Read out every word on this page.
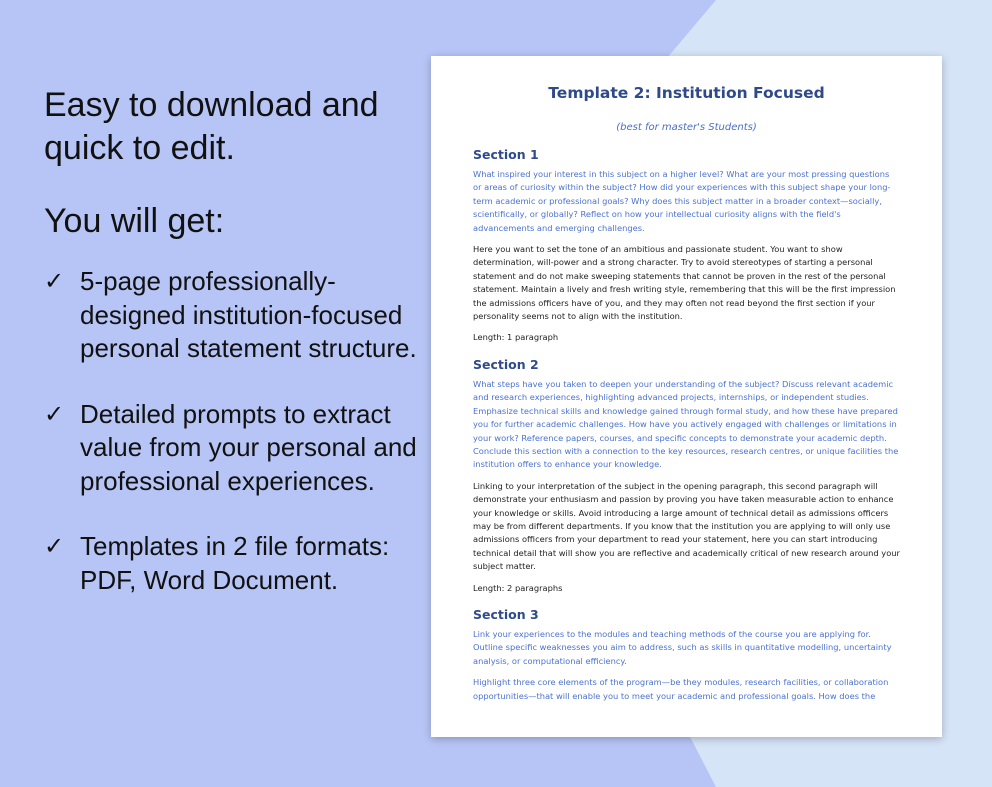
Easy to download and quick to edit.
You will get:
✓ 5-page professionally-designed institution-focused personal statement structure.
✓ Detailed prompts to extract value from your personal and professional experiences.
✓ Templates in 2 file formats: PDF, Word Document.
Template 2: Institution Focused

(best for master's Students)

Section 1

What inspired your interest in this subject on a higher level? What are your most pressing questions or areas of curiosity within the subject? How did your experiences with this subject shape your long-term academic or professional goals? Why does this subject matter in a broader context—socially, scientifically, or globally? Reflect on how your intellectual curiosity aligns with the field's advancements and emerging challenges.

Here you want to set the tone of an ambitious and passionate student. You want to show determination, will-power and a strong character. Try to avoid stereotypes of starting a personal statement and do not make sweeping statements that cannot be proven in the rest of the personal statement. Maintain a lively and fresh writing style, remembering that this will be the first impression the admissions officers have of you, and they may often not read beyond the first section if your personality seems not to align with the institution.

Length: 1 paragraph

Section 2

What steps have you taken to deepen your understanding of the subject? Discuss relevant academic and research experiences, highlighting advanced projects, internships, or independent studies. Emphasize technical skills and knowledge gained through formal study, and how these have prepared you for further academic challenges. How have you actively engaged with challenges or limitations in your work? Reference papers, courses, and specific concepts to demonstrate your academic depth. Conclude this section with a connection to the key resources, research centres, or unique facilities the institution offers to enhance your knowledge.

Linking to your interpretation of the subject in the opening paragraph, this second paragraph will demonstrate your enthusiasm and passion by proving you have taken measurable action to enhance your knowledge or skills. Avoid introducing a large amount of technical detail as admissions officers may be from different departments. If you know that the institution you are applying to will only use admissions officers from your department to read your statement, here you can start introducing technical detail that will show you are reflective and academically critical of new research around your subject matter.

Length: 2 paragraphs

Section 3

Link your experiences to the modules and teaching methods of the course you are applying for. Outline specific weaknesses you aim to address, such as skills in quantitative modelling, uncertainty analysis, or computational efficiency.

Highlight three core elements of the program—be they modules, research facilities, or collaboration opportunities—that will enable you to meet your academic and professional goals. How does the
